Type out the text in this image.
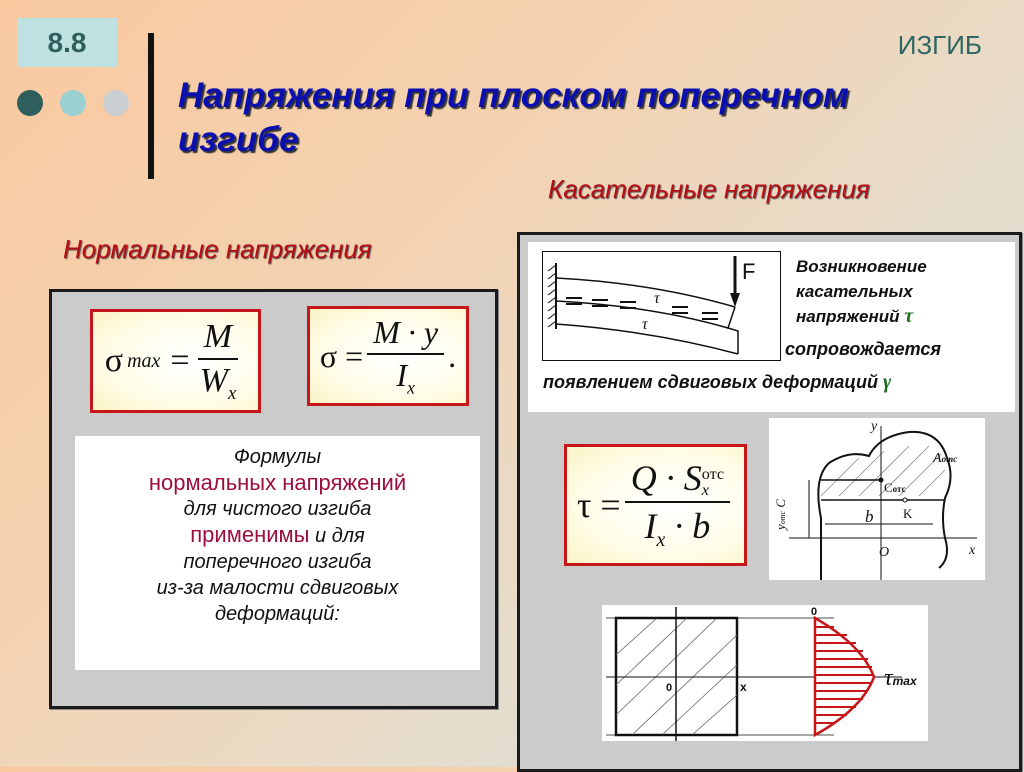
8.8	ИЗГИБ
Напряжения при плоском поперечном
изгибе
Касательные напряжения
Нормальные напряжения
σ $\max = \frac{M}{W_x}$ σ
= $\frac{M \cdot y}{I_x}$ .
Формулы
нормальных напряжений
для чистого изгиба
применимы и для
поперечного изгиба
из-за малости сдвиговых
деформаций:
F
τ
τ
Возникновение
касательных
напряжений τ
сопровождается
появлением сдвиговых деформаций γ
τ
= Q · S отс
x
$I_x \cdot b$
y
x
O
Aотс
Cотс
K
b
yотс C
0	x
0
τmax
